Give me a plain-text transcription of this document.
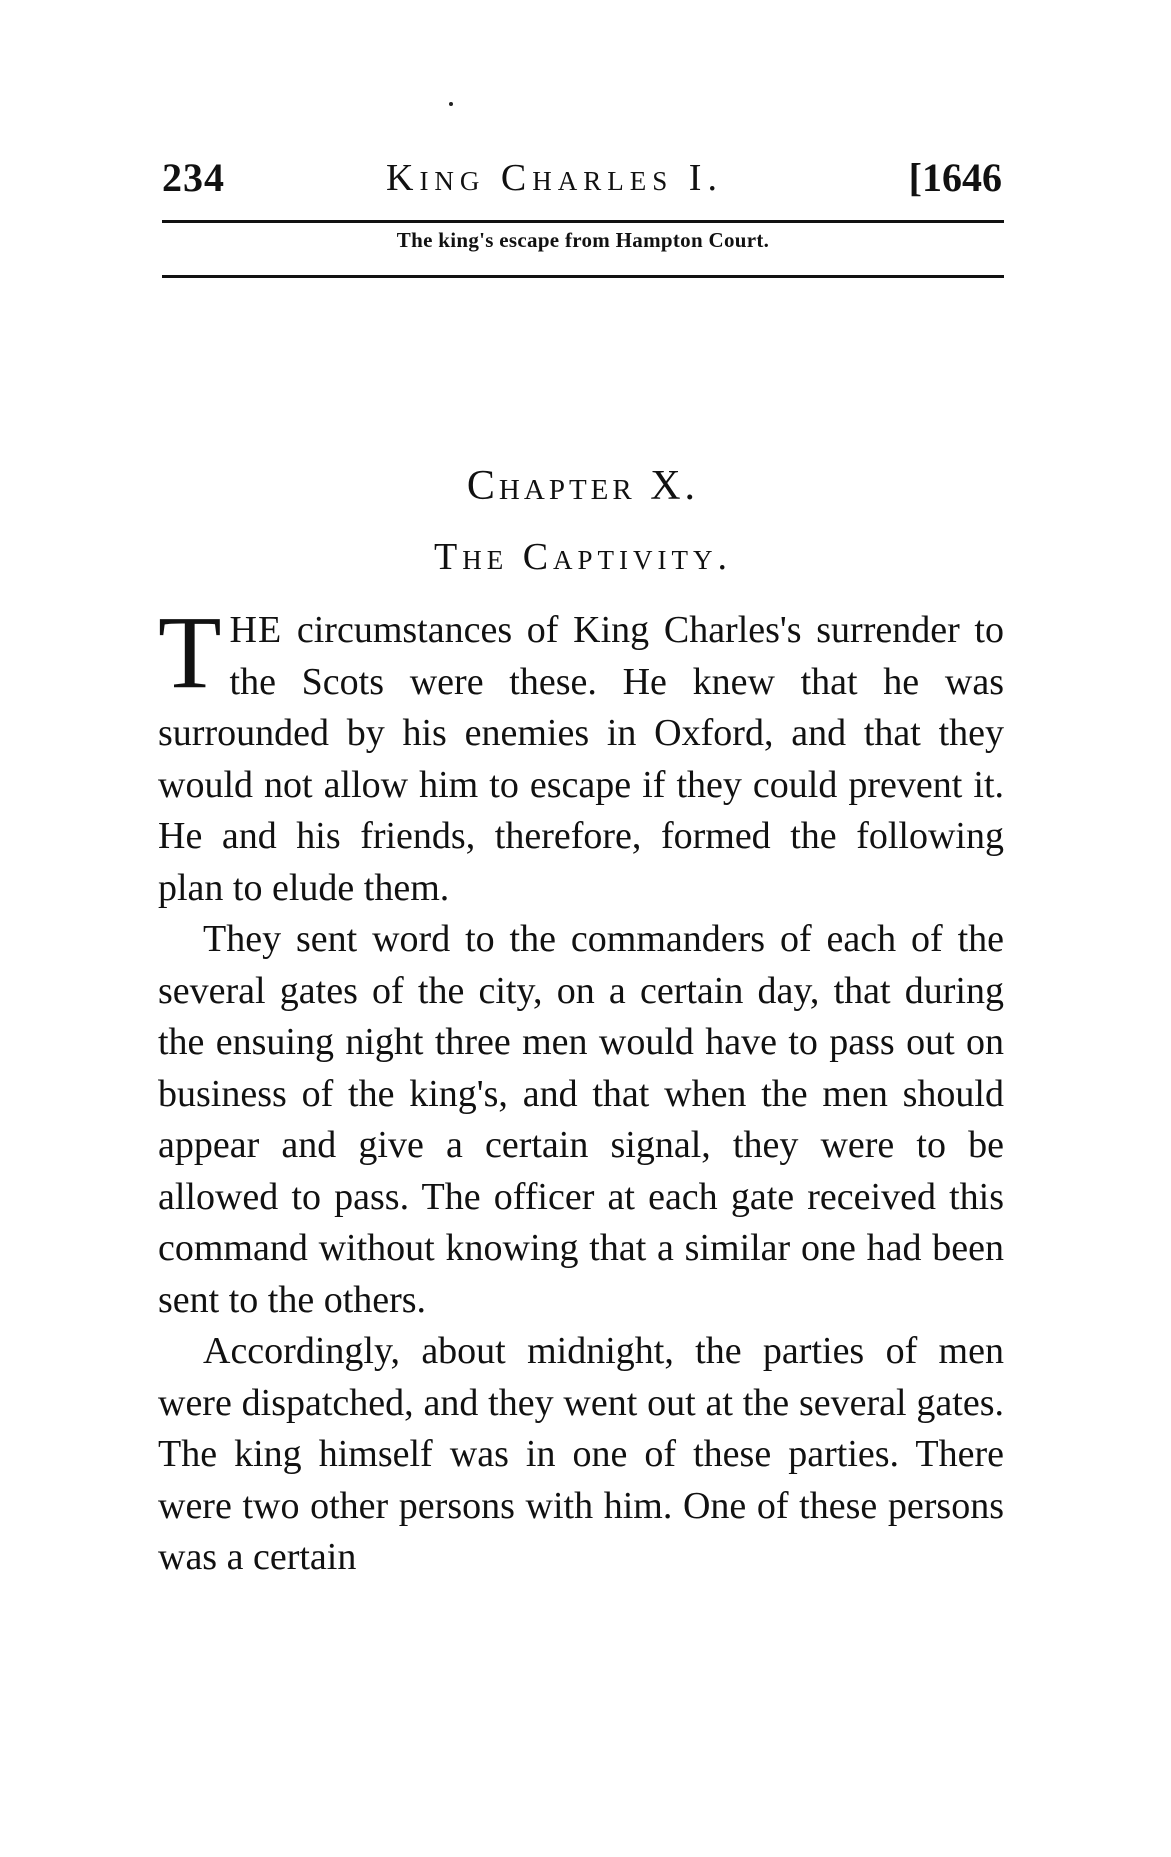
234	King Charles I.	[1646
The king's escape from Hampton Court.
Chapter X.
The Captivity.

THE circumstances of King Charles's surrender to the Scots were these. He knew that he was surrounded by his enemies in Oxford, and that they would not allow him to escape if they could prevent it. He and his friends, therefore, formed the following plan to elude them.

They sent word to the commanders of each of the several gates of the city, on a certain day, that during the ensuing night three men would have to pass out on business of the king's, and that when the men should appear and give a certain signal, they were to be allowed to pass. The officer at each gate received this command without knowing that a similar one had been sent to the others.

Accordingly, about midnight, the parties of men were dispatched, and they went out at the several gates. The king himself was in one of these parties. There were two other persons with him. One of these persons was a certain
